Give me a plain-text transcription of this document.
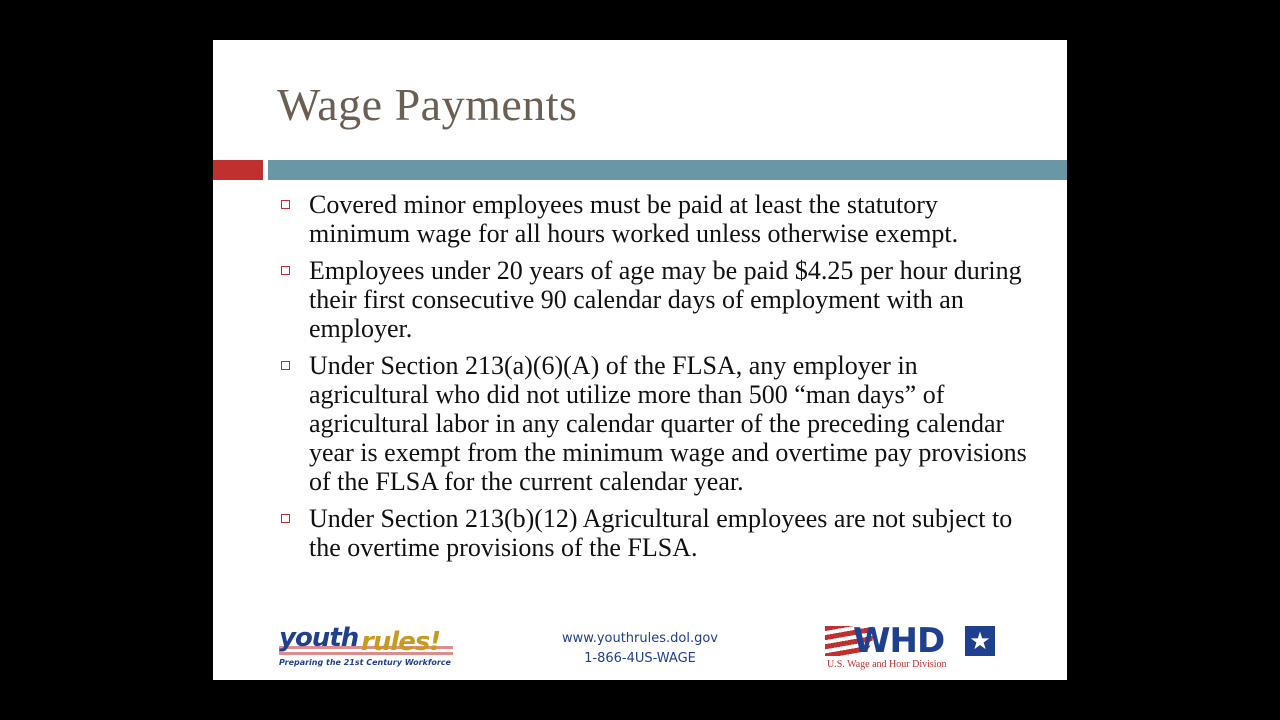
Wage Payments
Covered minor employees must be paid at least the statutory minimum wage for all hours worked unless otherwise exempt.
Employees under 20 years of age may be paid $4.25 per hour during their first consecutive 90 calendar days of employment with an employer.
Under Section 213(a)(6)(A) of the FLSA, any employer in agricultural who did not utilize more than 500 “man days” of agricultural labor in any calendar quarter of the preceding calendar year is exempt from the minimum wage and overtime pay provisions of the FLSA for the current calendar year.
Under Section 213(b)(12) Agricultural employees are not subject to the overtime provisions of the FLSA.
youth rules!
Preparing the 21st Century Workforce
www.youthrules.dol.gov
1-866-4US-WAGE	WHD ★
U.S. Wage and Hour Division
